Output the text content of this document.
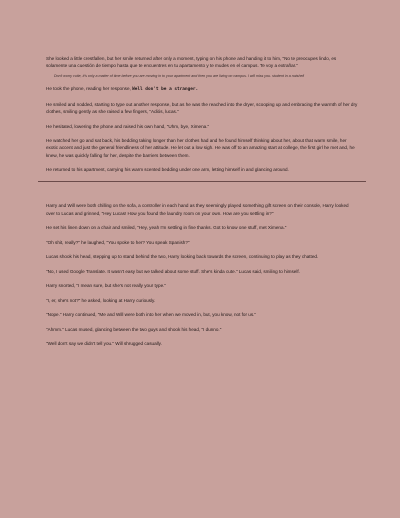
She looked a little crestfallen, but her smile returned after only a moment, typing on his phone and handing it to him, "No te preocupes lindo, es solamente una cuestión de tiempo hasta que te encuentres en tu apartamento y te mudes en el campus. Te voy a extrañar."

Don't worry cutie, it's only a matter of time before you are moving in to your apartment and then you are living on campus. I will miss you. student in a nutshell

He took the phone, reading her response, Well don't be a stranger.

He smiled and nodded, starting to type out another response, but as he was the reached into the dryer, scooping up and embracing the warmth of her dry clothes, smiling gently as she raised a few fingers, "Adiós, lucas."

He hesitated, lowering the phone and raised his own hand, "Uhm, bye, Ximena."

He watched her go and sat back, his bedding taking longer than her clothes had and he found himself thinking about her, about that warm smile, her exotic accent and just the general friendliness of her attitude. He let out a low sigh. He was off to an amazing start at college, the first girl he met and, he knew, he was quickly falling for her, despite the barriers between them.

He returned to his apartment, carrying his warm scented bedding under one arm, letting himself in and glancing around.

Harry and Will were both chilling on the sofa, a controller in each hand as they seemingly played something gift screen on their console, Harry looked over to Lucas and grinned, "Hey Lucas! How you found the laundry room on your own. How are you settling in?"

He set his linen down on a chair and smiled, "Hey, yeah I'm settling in fine thanks. Got to know one stuff, met Ximena."

"Oh shit, really?" he laughed, "You spoke to her? You speak Spanish?"

Lucas shook his head, stepping up to stand behind the two, Harry looking back towards the screen, continuing to play as they chatted.

"No, I used Google Translate. It wasn't easy but we talked about some stuff. She's kinda cute." Lucas said, smiling to himself.

Harry snorted, "I mean sure, but she's not really your type."

"I, er, she's not?" he asked, looking at Harry curiously.

"Nope." Harry continued, "Me and Will were both into her when we moved in, but, you know, not for us."

"Ahmm." Lucas mused, glancing between the two guys and shook his head, "I dunno."

"Well don't say we didn't tell you." Will shrugged casually.
